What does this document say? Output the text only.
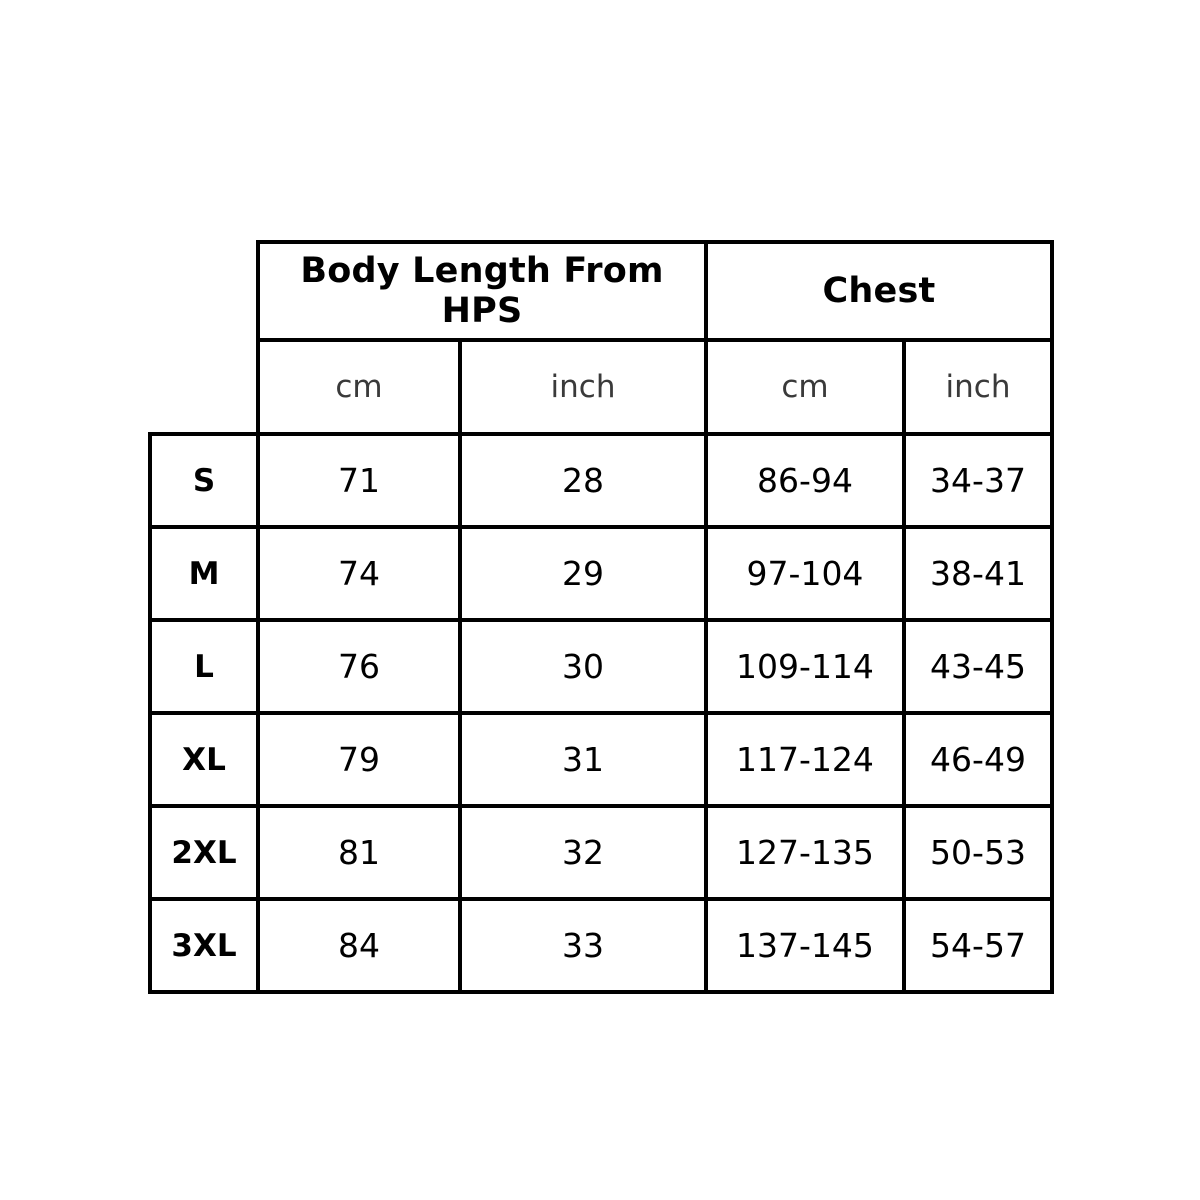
	Body Length From HPS		Chest	
	cm	inch	cm	inch
S	71	28	86-94	34-37
M	74	29	97-104	38-41
L	76	30	109-114	43-45
XL	79	31	117-124	46-49
2XL	81	32	127-135	50-53
3XL	84	33	137-145	54-57
